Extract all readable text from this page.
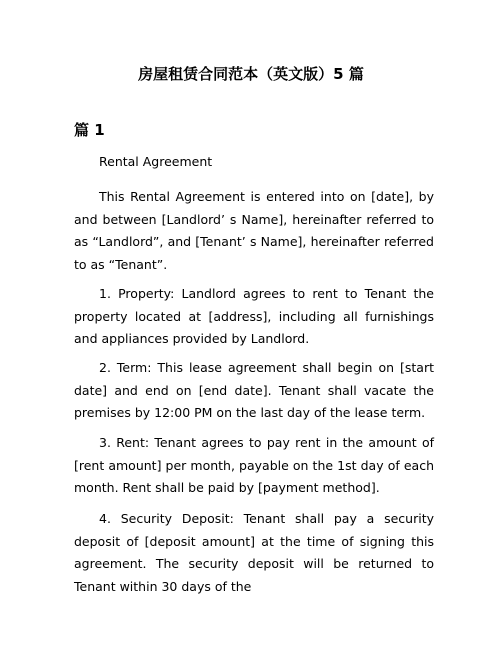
房屋租赁合同范本（英文版）5 篇
篇 1

Rental Agreement

This Rental Agreement is entered into on [date], by and between [Landlord’ s Name], hereinafter referred to as “Landlord”, and [Tenant’ s Name], hereinafter referred to as “Tenant”.

1. Property: Landlord agrees to rent to Tenant the property located at [address], including all furnishings and appliances provided by Landlord.

2. Term: This lease agreement shall begin on [start date] and end on [end date]. Tenant shall vacate the premises by 12:00 PM on the last day of the lease term.

3. Rent: Tenant agrees to pay rent in the amount of [rent amount] per month, payable on the 1st day of each month. Rent shall be paid by [payment method].

4. Security Deposit: Tenant shall pay a security deposit of [deposit amount] at the time of signing this agreement. The security deposit will be returned to Tenant within 30 days of the
